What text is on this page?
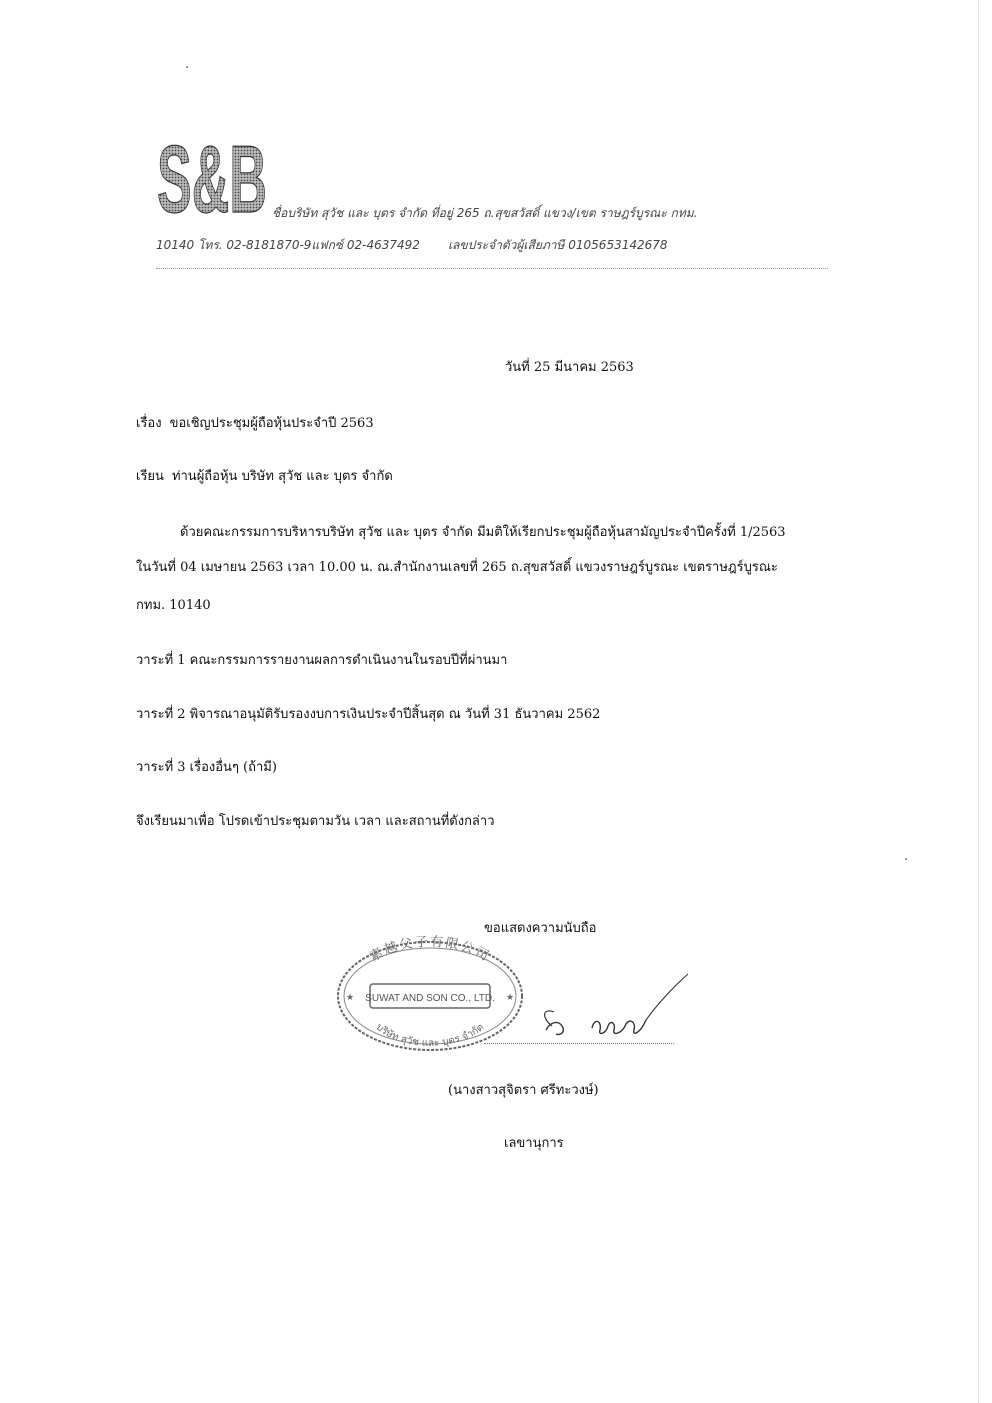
S&B ชื่อบริษัท สุวัช และ บุตร จำกัด ที่อยู่ 265 ถ.สุขสวัสดิ์ แขวง/เขต ราษฎร์บูรณะ กทม.
10140 โทร. 02-8181870-9แฟกซ์ 02-4637492 เลขประจำตัวผู้เสียภาษี 0105653142678
วันที่ 25 มีนาคม 2563
เรื่อง ขอเชิญประชุมผู้ถือหุ้นประจำปี 2563
เรียน ท่านผู้ถือหุ้น บริษัท สุวัช และ บุตร จำกัด
ด้วยคณะกรรมการบริหารบริษัท สุวัช และ บุตร จำกัด มีมติให้เรียกประชุมผู้ถือหุ้นสามัญประจำปีครั้งที่ 1/2563
ในวันที่ 04 เมษายน 2563 เวลา 10.00 น. ณ.สำนักงานเลขที่ 265 ถ.สุขสวัสดิ์ แขวงราษฎร์บูรณะ เขตราษฎร์บูรณะ
กทม. 10140
วาระที่ 1 คณะกรรมการรายงานผลการดำเนินงานในรอบปีที่ผ่านมา
วาระที่ 2 พิจารณาอนุมัติรับรองงบการเงินประจำปีสิ้นสุด ณ วันที่ 31 ธันวาคม 2562
วาระที่ 3 เรื่องอื่นๆ (ถ้ามี)
จึงเรียนมาเพื่อ โปรดเข้าประชุมตามวัน เวลา และสถานที่ดังกล่าว
ขอแสดงความนับถือ
素越父子有限公司
SUWAT AND SON CO., LTD.
บริษัท สุวัช และ บุตร จำกัด
★	★
(นางสาวสุจิตรา ศรีทะวงษ์)
เลขานุการ
